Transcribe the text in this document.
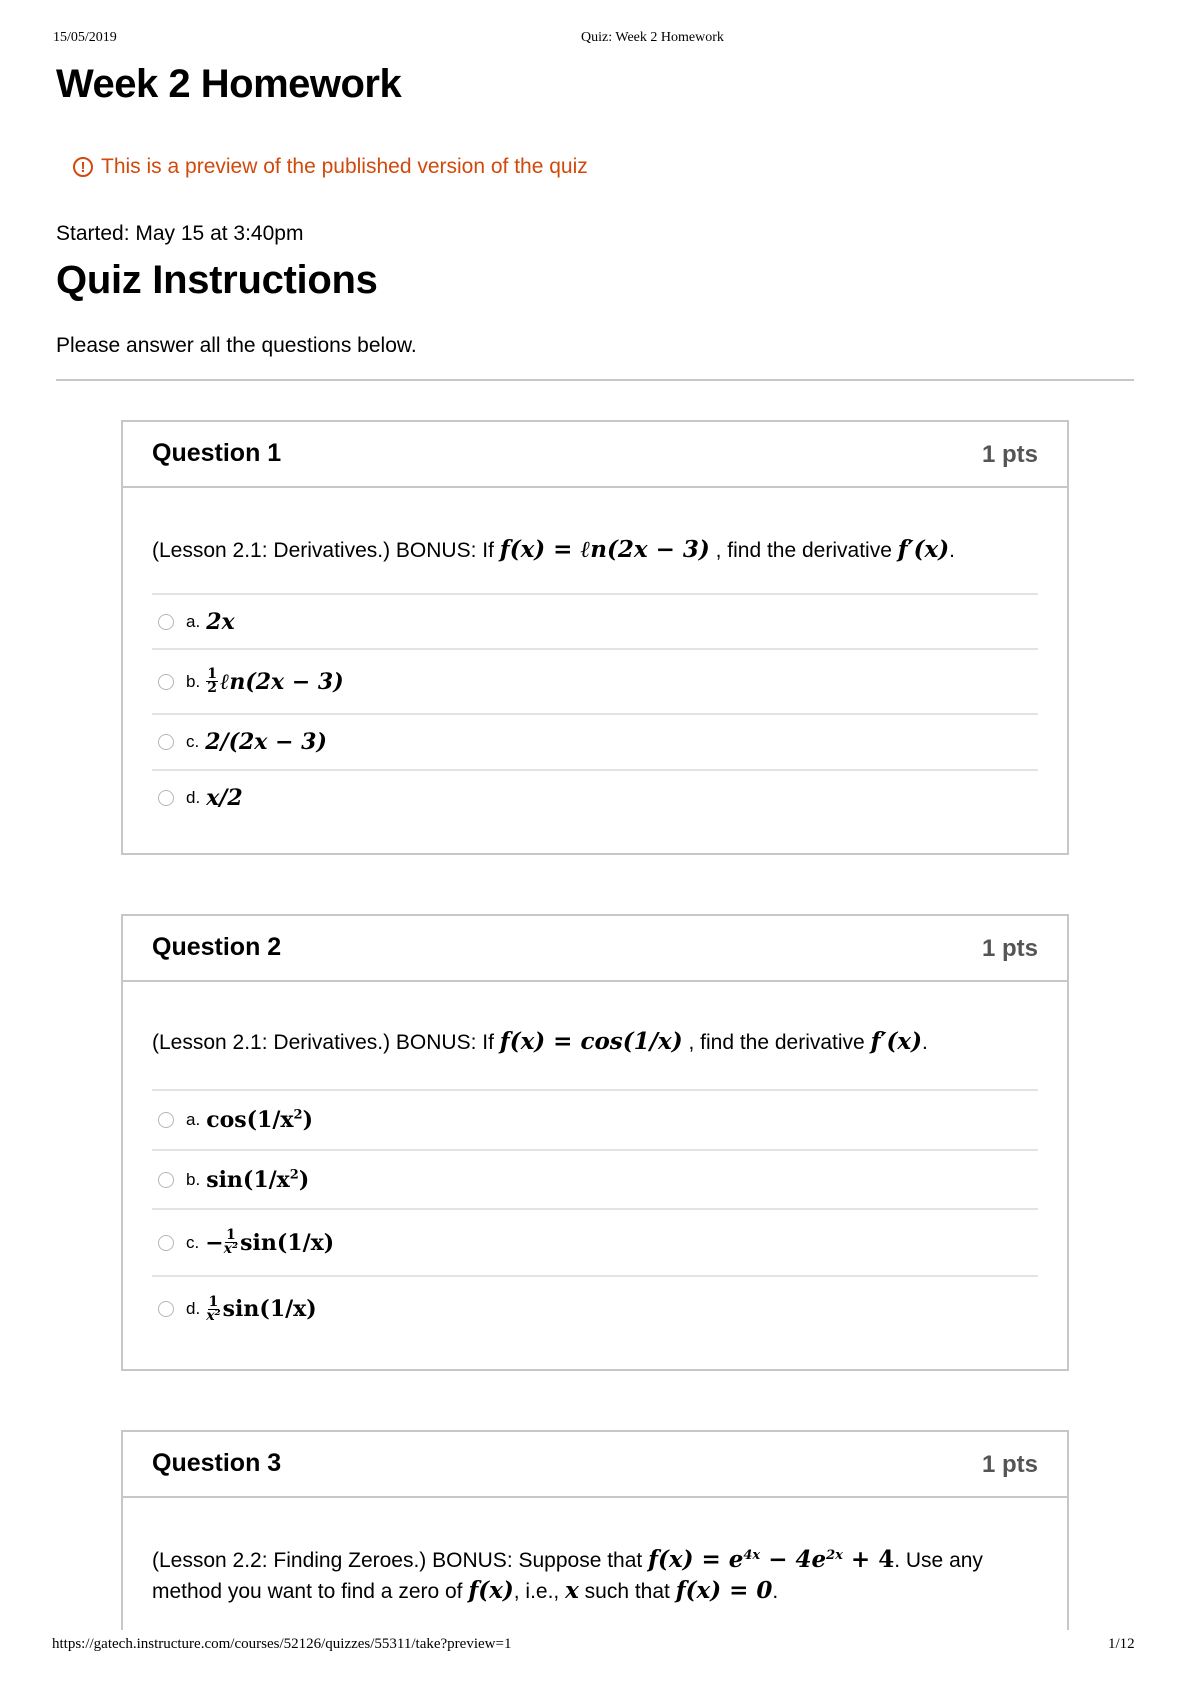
15/05/2019	Quiz: Week 2 Homework
Week 2 Homework
! This is a preview of the published version of the quiz
Started: May 15 at 3:40pm
Quiz Instructions
Please answer all the questions below.
Question 1	1 pts
(Lesson 2.1: Derivatives.) BONUS: If f(x) = ℓn(2x − 3) , find the derivative f′(x).
a. 2x
b. $\frac{1}{2}$ ℓn(2x − 3)
c. 2/(2x − 3)
d. x/2
Question 2	1 pts
(Lesson 2.1: Derivatives.) BONUS: If f(x) = cos(1/x) , find the derivative f′(x).
a. $\cos(1/x^2)$
b. $\sin(1/x^2)$
c. − $\frac{1}{\text{x²}} \sin(1/x)$
d. $\frac{1}{\text{x²}} \sin(1/x)$
Question 3	1 pts
(Lesson 2.2: Finding Zeroes.) BONUS: Suppose that $f(x) = e^{4x} - 4e^{2x} + 4$. Use any
method you want to find a zero of f(x), i.e., x such that f(x) = 0.
https://gatech.instructure.com/courses/52126/quizzes/55311/take?preview=1	1/12
